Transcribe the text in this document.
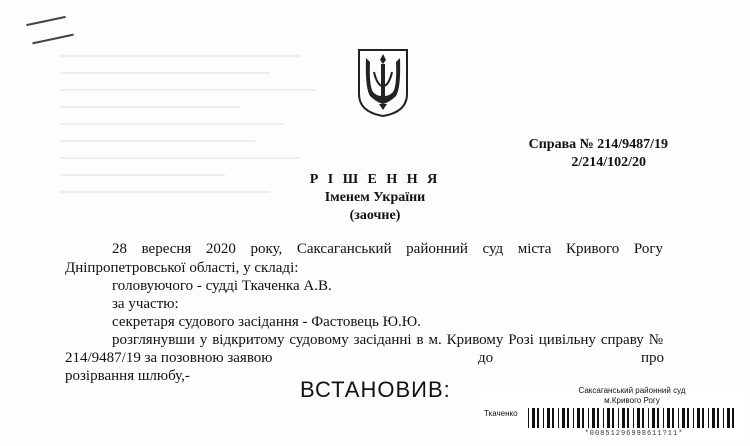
Справа № 214/9487/19
2/214/102/20
Р І Ш Е Н Н Я
Іменем України
(заочне)
28 вересня 2020 року, Саксаганський районний суд міста Кривого Рогу
Дніпропетровської області, у складі:
головуючого - судді Ткаченка А.В.
за участю:
секретаря судового засідання - Фастовець Ю.Ю.
розглянувши у відкритому судовому засіданні в м. Кривому Розі цивільну справу №
214/9487/19 за позовною заявою	до	про
розірвання шлюбу,-
ВСТАНОВИВ:	Саксаганський районний суд
м.Кривого Рогу
Ткаченко
*00851296998611?11*
